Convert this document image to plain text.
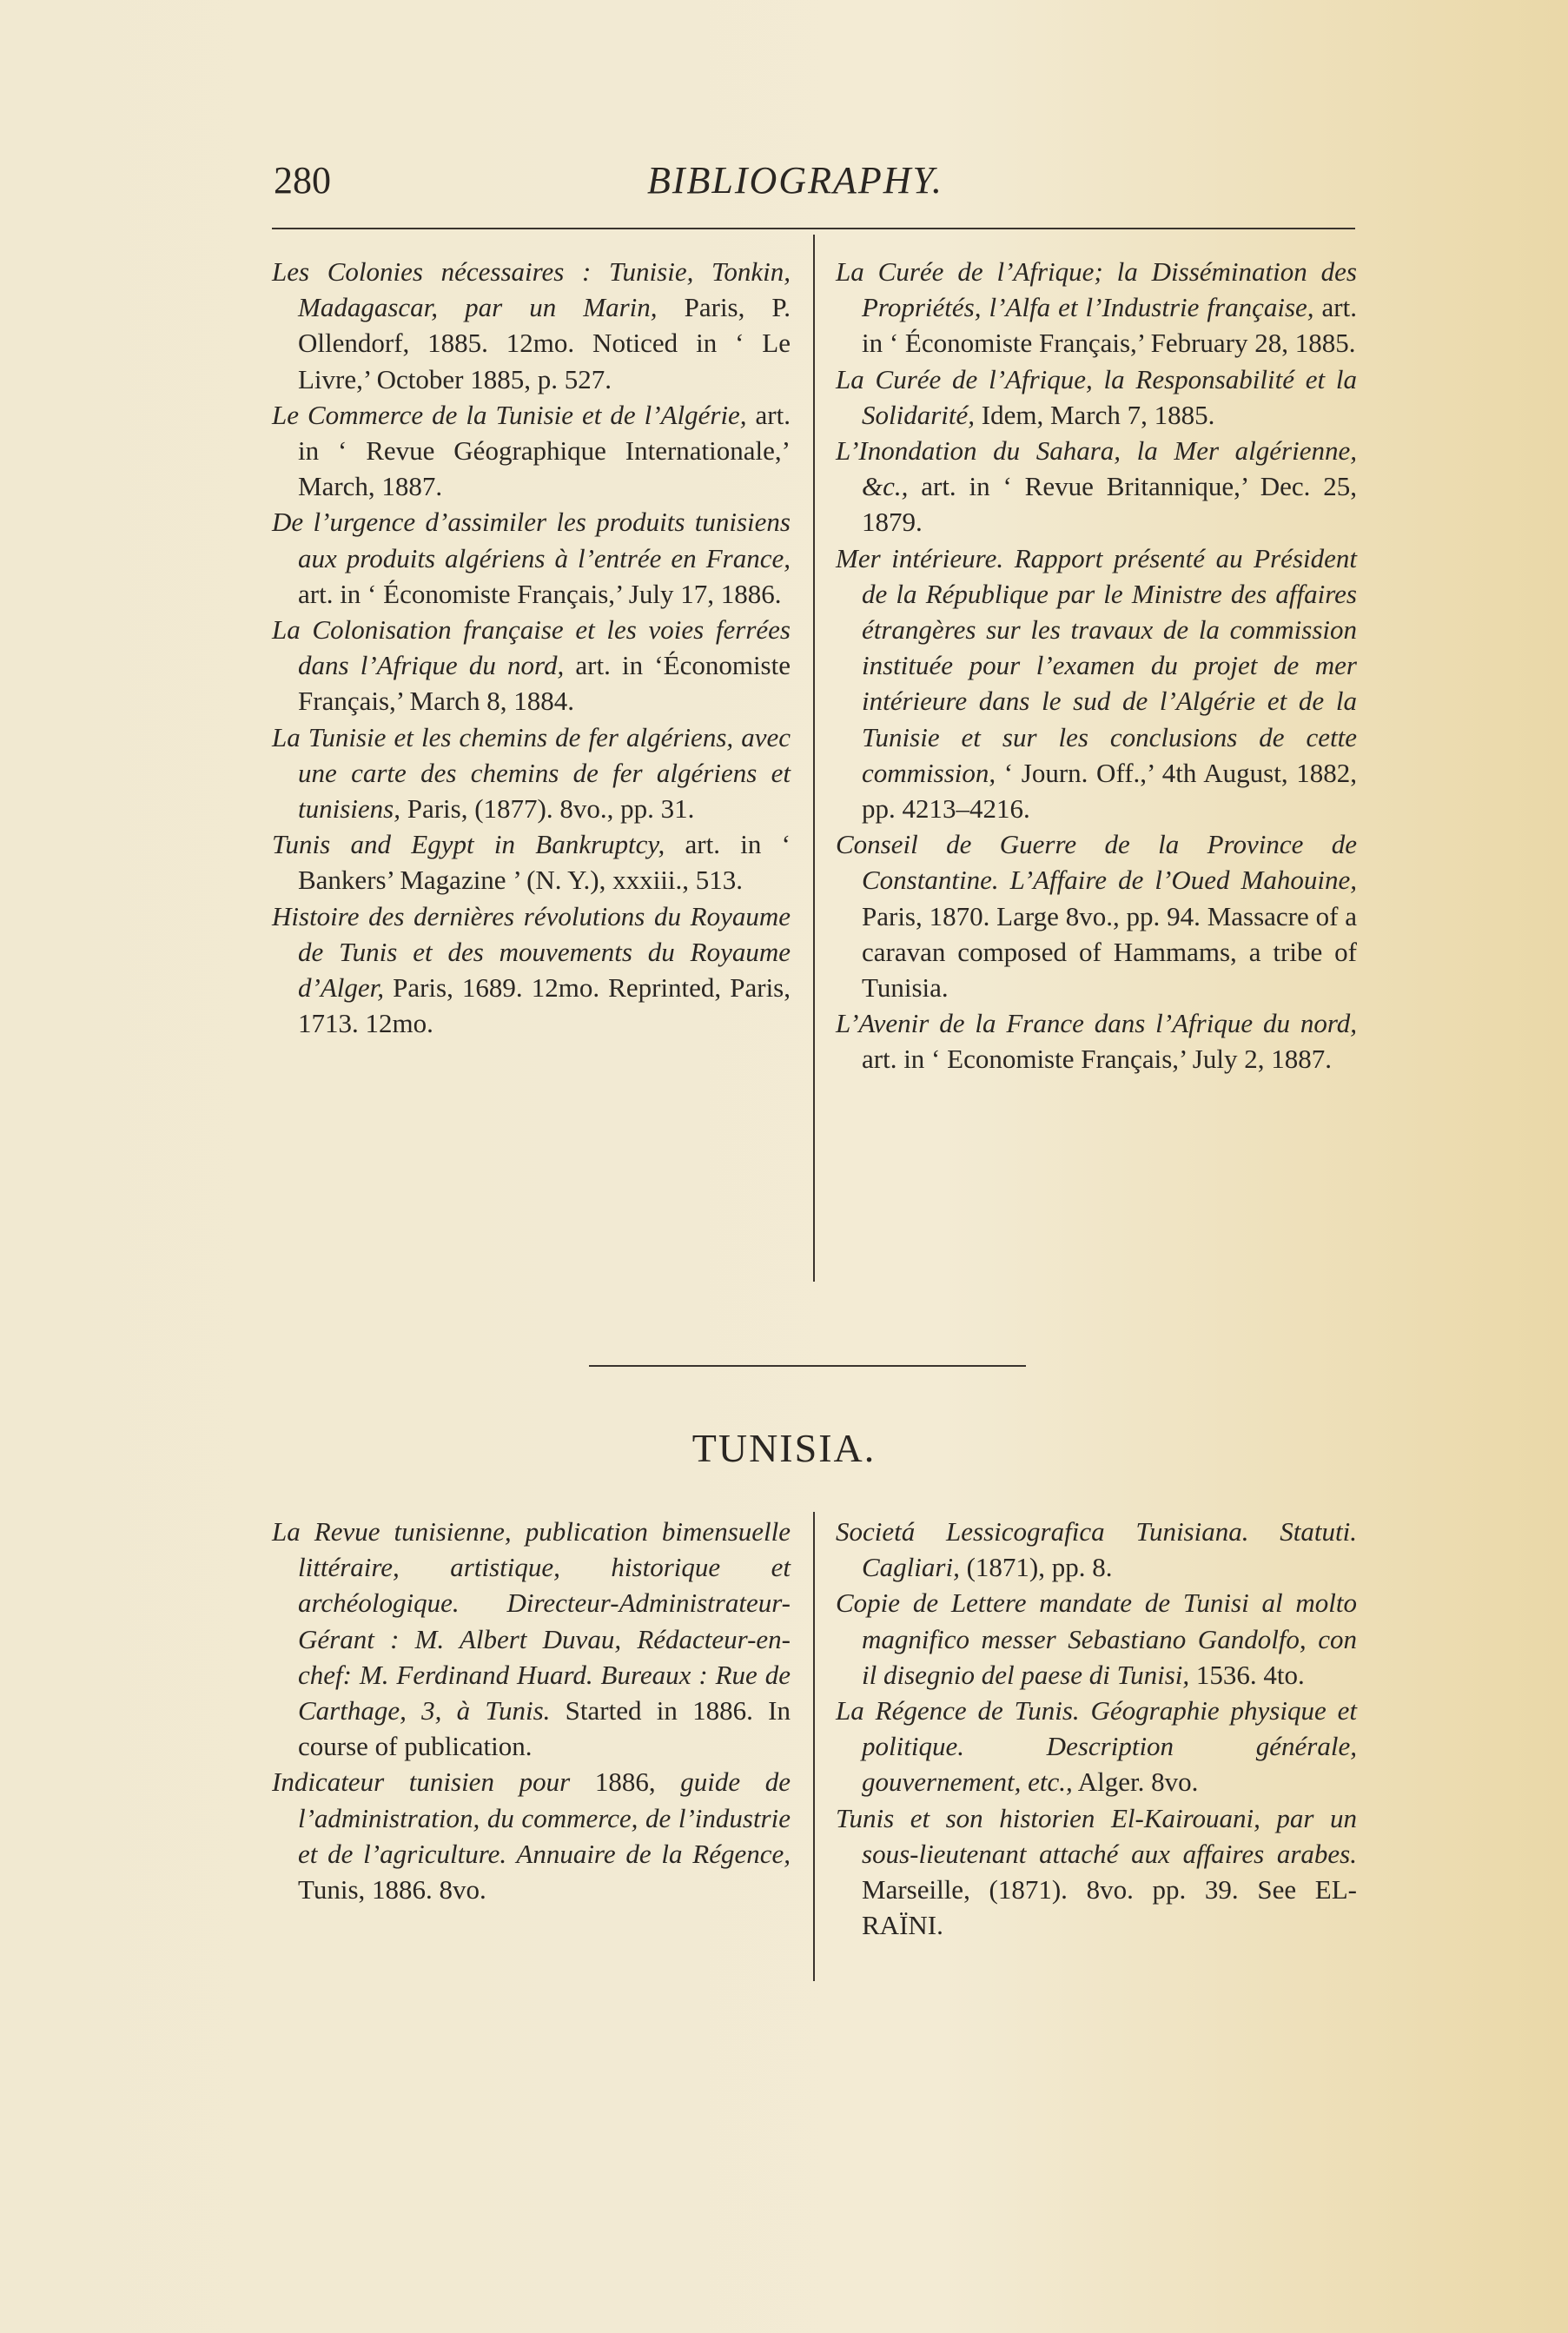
280	BIBLIOGRAPHY.

Les Colonies nécessaires : Tunisie, Tonkin, Madagascar, par un Marin, Paris, P. Ollendorf, 1885. 12mo. Noticed in ‘ Le Livre,’ October 1885, p. 527.

Le Commerce de la Tunisie et de l’Algérie, art. in ‘ Revue Géographique Internationale,’ March, 1887.

De l’urgence d’assimiler les produits tunisiens aux produits algériens à l’entrée en France, art. in ‘ Économiste Français,’ July 17, 1886.

La Colonisation française et les voies ferrées dans l’Afrique du nord, art. in ‘Économiste Français,’ March 8, 1884.

La Tunisie et les chemins de fer algériens, avec une carte des chemins de fer algériens et tunisiens, Paris, (1877). 8vo., pp. 31.

Tunis and Egypt in Bankruptcy, art. in ‘ Bankers’ Magazine ’ (N. Y.), xxxiii., 513.

Histoire des dernières révolutions du Royaume de Tunis et des mouvements du Royaume d’Alger, Paris, 1689. 12mo. Reprinted, Paris, 1713. 12mo.

La Curée de l’Afrique; la Dissémination des Propriétés, l’Alfa et l’Industrie française, art. in ‘ Économiste Français,’ February 28, 1885.

La Curée de l’Afrique, la Responsabilité et la Solidarité, Idem, March 7, 1885.

L’Inondation du Sahara, la Mer algérienne, &c., art. in ‘ Revue Britannique,’ Dec. 25, 1879.

Mer intérieure. Rapport présenté au Président de la République par le Ministre des affaires étrangères sur les travaux de la commission instituée pour l’examen du projet de mer intérieure dans le sud de l’Algérie et de la Tunisie et sur les conclusions de cette commission, ‘ Journ. Off.,’ 4th August, 1882, pp. 4213–4216.

Conseil de Guerre de la Province de Constantine. L’Affaire de l’Oued Mahouine, Paris, 1870. Large 8vo., pp. 94. Massacre of a caravan composed of Hammams, a tribe of Tunisia.

L’Avenir de la France dans l’Afrique du nord, art. in ‘ Economiste Français,’ July 2, 1887.

TUNISIA.

La Revue tunisienne, publication bimensuelle littéraire, artistique, historique et archéologique. Directeur-Administrateur-Gérant : M. Albert Duvau, Rédacteur-en-chef: M. Ferdinand Huard. Bureaux : Rue de Carthage, 3, à Tunis. Started in 1886. In course of publication.

Indicateur tunisien pour 1886, guide de l’administration, du commerce, de l’industrie et de l’agriculture. Annuaire de la Régence, Tunis, 1886. 8vo.

Societá Lessicografica Tunisiana. Statuti. Cagliari, (1871), pp. 8.

Copie de Lettere mandate de Tunisi al molto magnifico messer Sebastiano Gandolfo, con il disegnio del paese di Tunisi, 1536. 4to.

La Régence de Tunis. Géographie physique et politique. Description générale, gouvernement, etc., Alger. 8vo.

Tunis et son historien El-Kairouani, par un sous-lieutenant attaché aux affaires arabes. Marseille, (1871). 8vo. pp. 39. See EL-RAÏNI.
